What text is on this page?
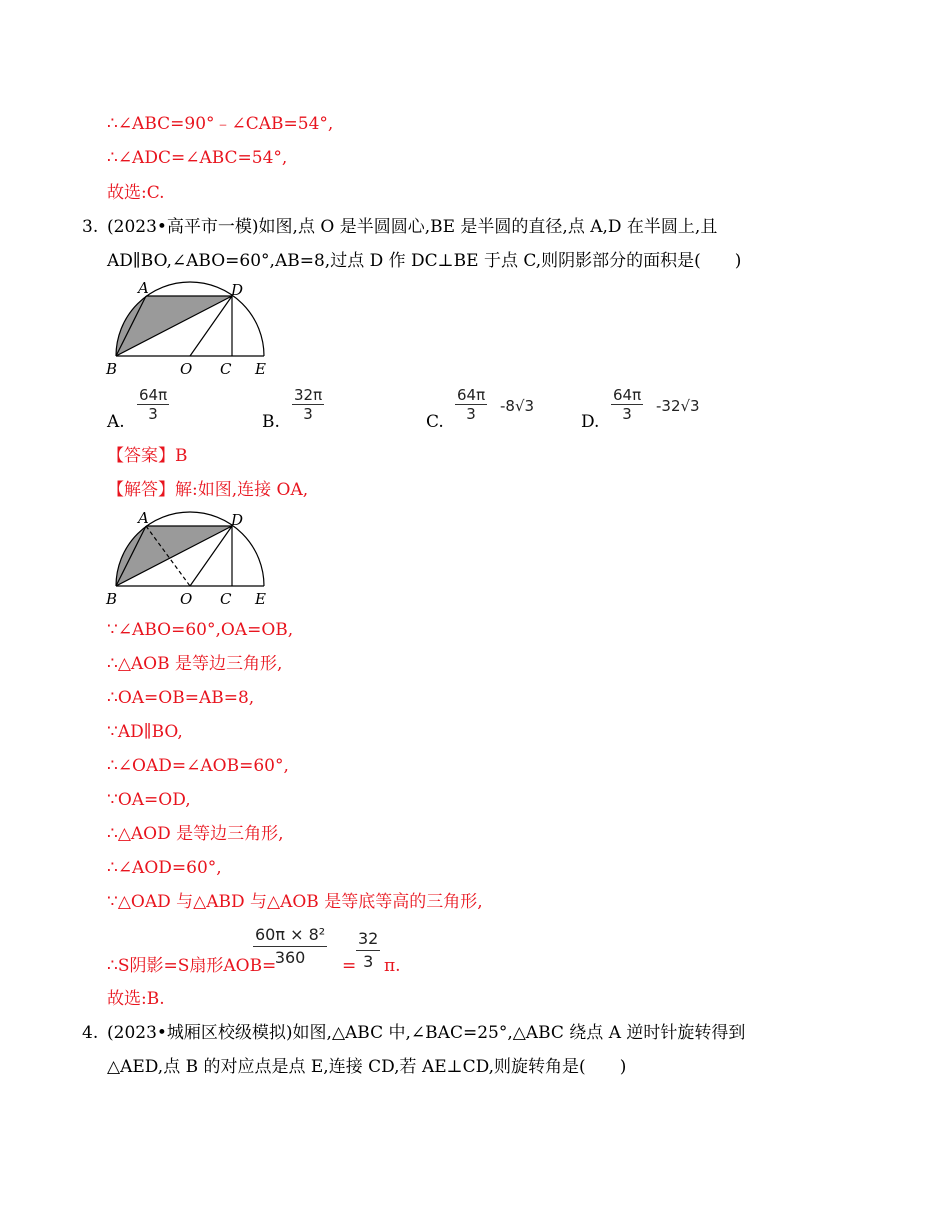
∴∠ABC=90°﹣∠CAB=54°,
∴∠ADC=∠ABC=54°,
故选:C.
3. (2023•高平市一模)如图,点 O 是半圆圆心,BE 是半圆的直径,点 A,D 在半圆上,且
AD∥BO,∠ABO=60°,AB=8,过点 D 作 DC⊥BE 于点 C,则阴影部分的面积是(　　)
A	D
B	O C E
A. $\frac{64\pi}{3}$	B. $\frac{32\pi}{3}$	C. $\frac{64\pi}{3} -8√3$
D. $\frac{64\pi}{3} -32√3$
【答案】B
【解答】解:如图,连接 OA,
A	D
B	O C E
∵∠ABO=60°,OA=OB,
∴△AOB 是等边三角形,
∴OA=OB=AB=8,
∵AD∥BO,
∴∠OAD=∠AOB=60°,
∵OA=OD,
∴△AOD 是等边三角形,
∴∠AOD=60°,
∵△OAD 与△ABD 与△AOB 是等底等高的三角形,
∴S阴影=S扇形AOB=
$\frac{\text{60π × 8²}}{360} = \frac{32}{3} \pi$.
故选:B.
4. (2023•城厢区校级模拟)如图,△ABC 中,∠BAC=25°,△ABC 绕点 A 逆时针旋转得到
△AED,点 B 的对应点是点 E,连接 CD,若 AE⊥CD,则旋转角是(　　)
